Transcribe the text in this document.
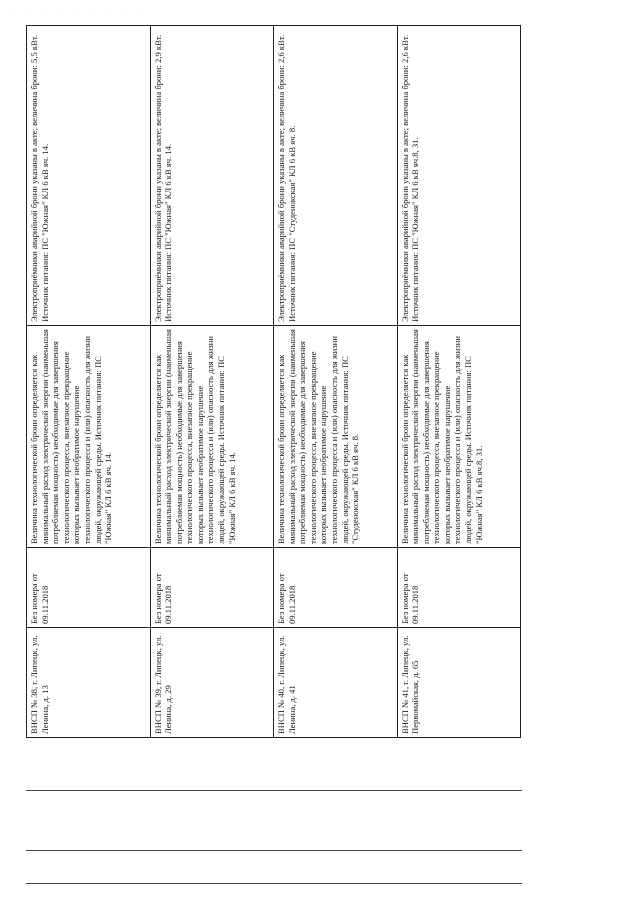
· · · · · · · · ·
ВНСП № 38, г. Липецк, ул. Ленина, д. 13	Без номера от 09.11.2018	Величина технологической брони определяется как минимальный расход электрической энергии (наименьшая потребляемая мощность) необходимые для завершения технологического процесса, внезапное прекращение которых вызывает необратимое нарушение технологического процесса и (или) опасность для жизни людей, окружающей среды. Источник питания: ПС "Южная" КЛ 6 кВ яч. 14.	Электроприёмники аварийной брони указаны в акте; величина брони: 5,5 кВт. Источник питания: ПС "Южная" КЛ 6 кВ яч. 14.
ВНСП № 39, г. Липецк, ул. Ленина, д. 29	Без номера от 09.11.2018	Величина технологической брони определяется как минимальный расход электрической энергии (наименьшая потребляемая мощность) необходимые для завершения технологического процесса, внезапное прекращение которых вызывает необратимое нарушение технологического процесса и (или) опасность для жизни людей, окружающей среды. Источник питания: ПС "Южная" КЛ 6 кВ яч. 14.	Электроприёмники аварийной брони указаны в акте; величина брони: 2,9 кВт. Источник питания: ПС "Южная" КЛ 6 кВ яч. 14.
ВНСП № 40, г. Липецк, ул. Ленина, д. 41	Без номера от 09.11.2018	Величина технологической брони определяется как минимальный расход электрической энергии (наименьшая потребляемая мощность) необходимые для завершения технологического процесса, внезапное прекращение которых вызывает необратимое нарушение технологического процесса и (или) опасность для жизни людей, окружающей среды. Источник питания: ПС "Студенокская" КЛ 6 кВ яч. 8.	Электроприёмники аварийной брони указаны в акте; величина брони: 2,6 кВт. Источник питания: ПС "Студенокская" КЛ 6 кВ яч. 8.
ВНСП № 41, г. Липецк, ул. Первомайская, д. 65	Без номера от 09.11.2018	Величина технологической брони определяется как минимальный расход электрической энергии (наименьшая потребляемая мощность) необходимые для завершения технологического процесса, внезапное прекращение которых вызывает необратимое нарушение технологического процесса и (или) опасность для жизни людей, окружающей среды. Источник питания: ПС "Южная" КЛ 6 кВ яч.8, 31.	Электроприёмники аварийной брони указаны в акте; величина брони: 2,6 кВт. Источник питания: ПС "Южная" КЛ 6 кВ яч.8, 31.
